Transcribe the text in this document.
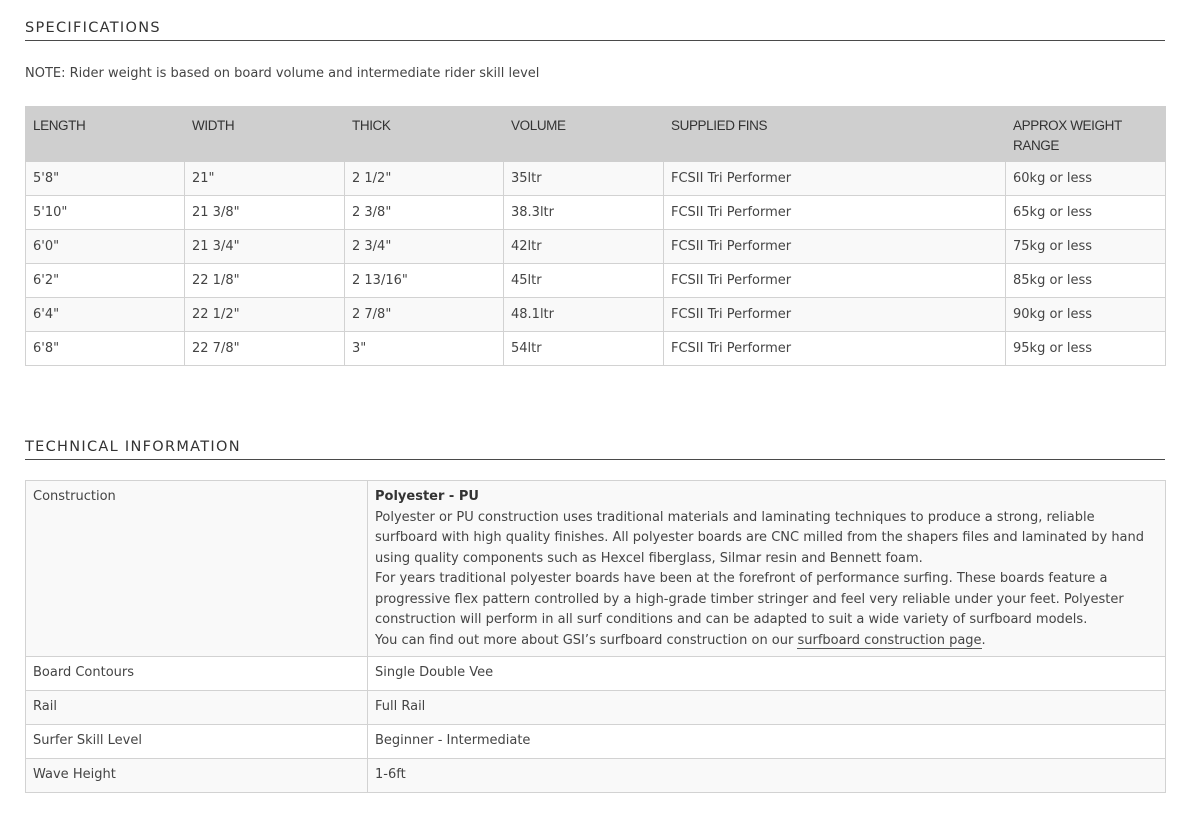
SPECIFICATIONS
NOTE: Rider weight is based on board volume and intermediate rider skill level
LENGTH	WIDTH	THICK	VOLUME	SUPPLIED FINS	APPROX WEIGHT RANGE
5'8"	21"	2 1/2"	35ltr	FCSII Tri Performer	60kg or less
5'10"	21 3/8"	2 3/8"	38.3ltr	FCSII Tri Performer	65kg or less
6'0"	21 3/4"	2 3/4"	42ltr	FCSII Tri Performer	75kg or less
6'2"	22 1/8"	2 13/16"	45ltr	FCSII Tri Performer	85kg or less
6'4"	22 1/2"	2 7/8"	48.1ltr	FCSII Tri Performer	90kg or less
6'8"	22 7/8"	3"	54ltr	FCSII Tri Performer	95kg or less
TECHNICAL INFORMATION
Construction	Polyester - PU
Polyester or PU construction uses traditional materials and laminating techniques to produce a strong, reliable surfboard with high quality finishes. All polyester boards are CNC milled from the shapers files and laminated by hand using quality components such as Hexcel fiberglass, Silmar resin and Bennett foam.
For years traditional polyester boards have been at the forefront of performance surfing. These boards feature a progressive flex pattern controlled by a high-grade timber stringer and feel very reliable under your feet. Polyester construction will perform in all surf conditions and can be adapted to suit a wide variety of surfboard models.
You can find out more about GSI’s surfboard construction on our surfboard construction page.

Board Contours	Single Double Vee
Rail	Full Rail
Surfer Skill Level	Beginner - Intermediate
Wave Height	1-6ft
